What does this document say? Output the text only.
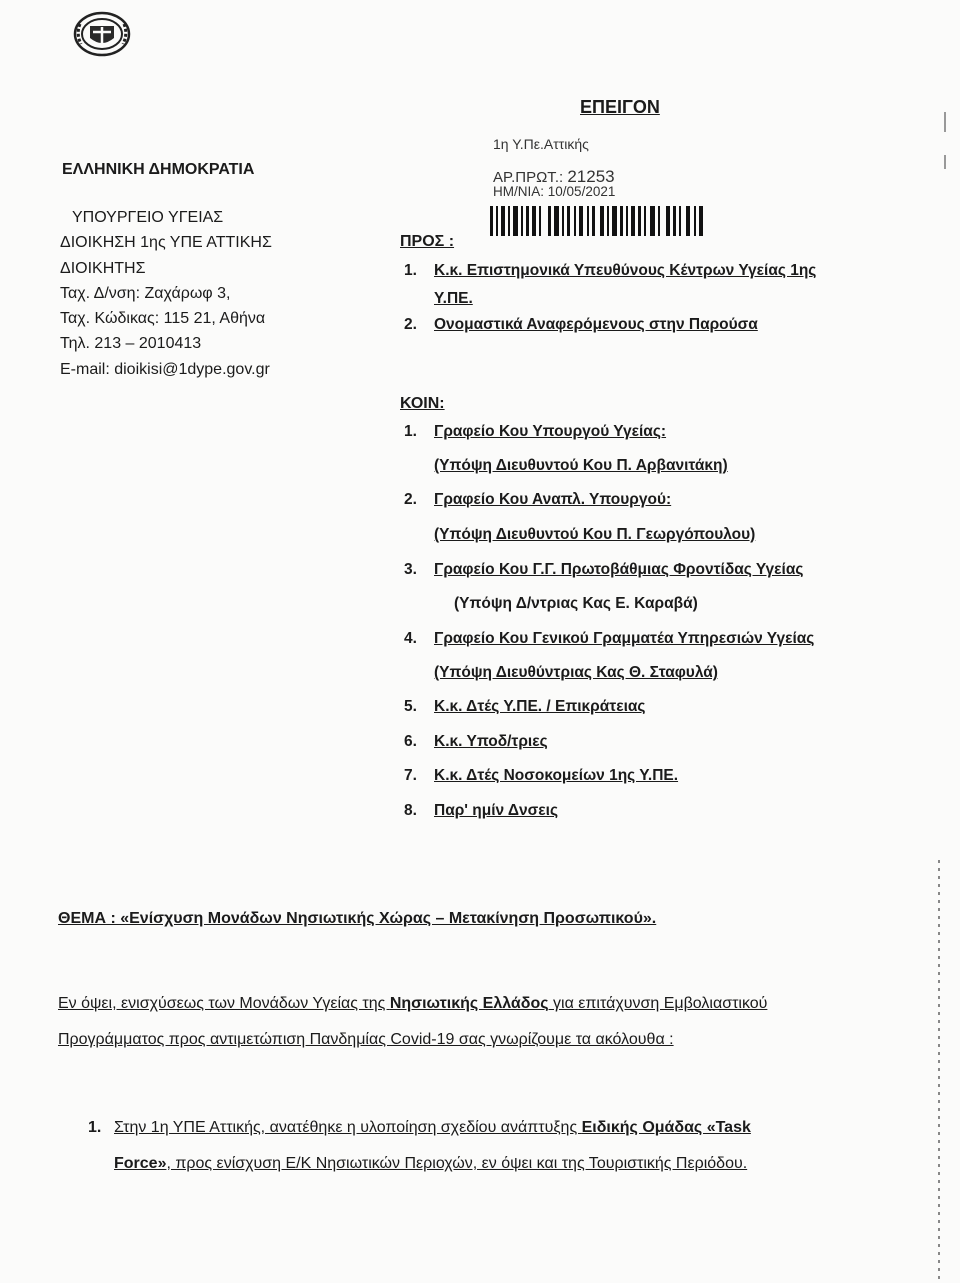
ΕΠΕΙΓΟΝ
1η Υ.Πε.Αττικής
ΑΡ.ΠΡΩΤ.: 21253
ΗΜ/ΝΙΑ: 10/05/2021
ΕΛΛΗΝΙΚΗ ΔΗΜΟΚΡΑΤΙΑ
ΥΠΟΥΡΓΕΙΟ ΥΓΕΙΑΣ
ΔΙΟΙΚΗΣΗ 1ης ΥΠΕ ΑΤΤΙΚΗΣ
ΔΙΟΙΚΗΤΗΣ
Ταχ. Δ/νση: Ζαχάρωφ 3,
Ταχ. Κώδικας: 115 21, Αθήνα
Τηλ. 213 – 2010413
E-mail: dioikisi@1dype.gov.gr
ΠΡΟΣ :
1. Κ.κ. Επιστημονικά Υπευθύνους Κέντρων Υγείας 1ης
Υ.ΠΕ.
2. Ονομαστικά Αναφερόμενους στην Παρούσα
ΚΟΙΝ:
1. Γραφείο Κου Υπουργού Υγείας:
(Υπόψη Διευθυντού Κου Π. Αρβανιτάκη)
2. Γραφείο Κου Αναπλ. Υπουργού:
(Υπόψη Διευθυντού Κου Π. Γεωργόπουλου)
3. Γραφείο Κου Γ.Γ. Πρωτοβάθμιας Φροντίδας Υγείας
(Υπόψη Δ/ντριας Κας Ε. Καραβά)
4. Γραφείο Κου Γενικού Γραμματέα Υπηρεσιών Υγείας
(Υπόψη Διευθύντριας Κας Θ. Σταφυλά)
5. Κ.κ. Δτές Υ.ΠΕ. / Επικράτειας
6. Κ.κ. Υποδ/τριες
7. Κ.κ. Δτές Νοσοκομείων 1ης Υ.ΠΕ.
8. Παρ' ημίν Δνσεις
ΘΕΜΑ : «Ενίσχυση Μονάδων Νησιωτικής Χώρας – Μετακίνηση Προσωπικού».
Εν όψει, ενισχύσεως των Μονάδων Υγείας της Νησιωτικής Ελλάδος για επιτάχυνση Εμβολιαστικού Προγράμματος προς αντιμετώπιση Πανδημίας Covid-19 σας γνωρίζουμε τα ακόλουθα :
1. Στην 1η ΥΠΕ Αττικής, ανατέθηκε η υλοποίηση σχεδίου ανάπτυξης Ειδικής Ομάδας «Task Force», προς ενίσχυση Ε/Κ Νησιωτικών Περιοχών, εν όψει και της Τουριστικής Περιόδου.
